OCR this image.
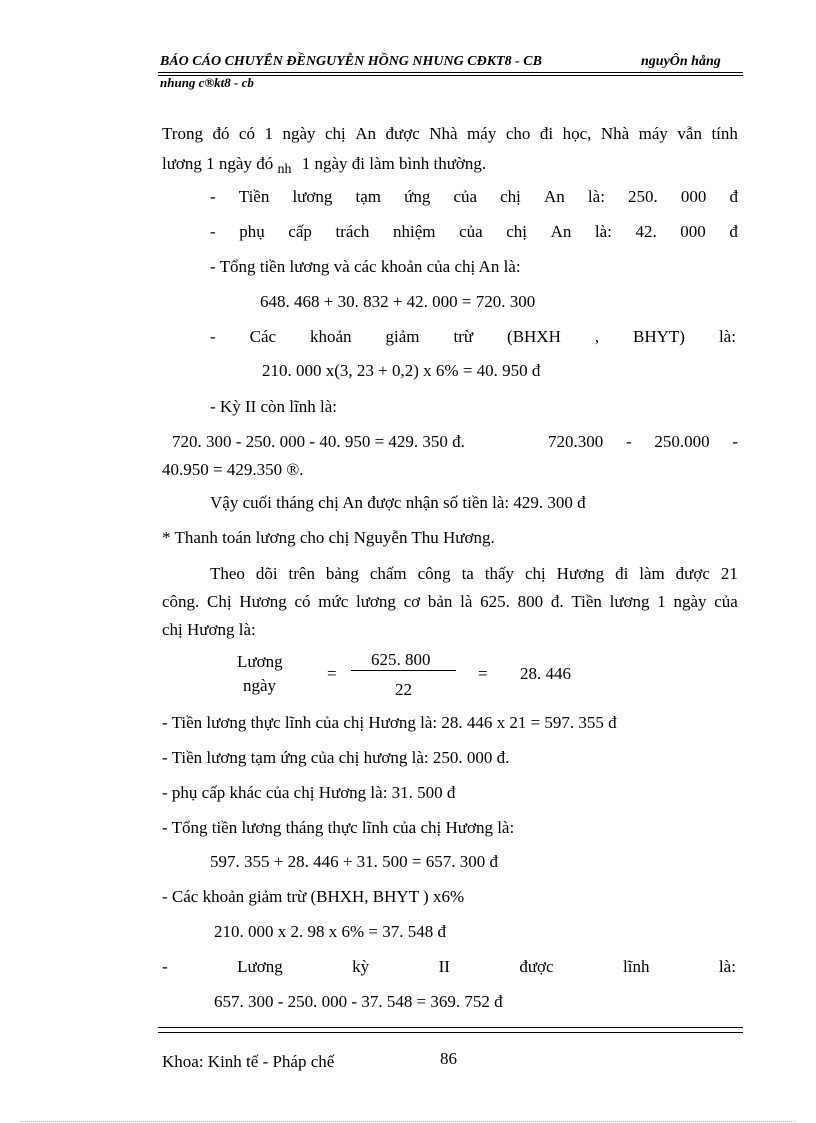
BÁO CÁO CHUYÊN ĐỀNGUYỄN HỒNG NHUNG CĐKT8 - CB	nguyÔn hång
nhung c®kt8 - cb
Trong đó có 1 ngày chị An được Nhà máy cho đi học, Nhà máy vẫn tính
lương 1 ngày đó $_{nh}$ 1 ngày đi làm bình thường.
- Tiền lương tạm ứng của chị An là: 250. 000 đ
- phụ cấp trách nhiệm của chị An là: 42. 000 đ
- Tổng tiền lương và các khoản của chị An là:
648. 468 + 30. 832 + 42. 000 = 720. 300
- Các khoản giảm trừ (BHXH , BHYT) là:
210. 000 x(3, 23 + 0,2) x 6% = 40. 950 đ
- Kỳ II còn lĩnh là:
720. 300 - 250. 000 - 40. 950 = 429. 350 đ.	720.300 - 250.000 -
40.950 = 429.350 ®.
Vậy cuối tháng chị An được nhận số tiền là: 429. 300 đ
* Thanh toán lương cho chị Nguyễn Thu Hương.
Theo dõi trên bảng chấm công ta thấy chị Hương đi làm được 21
công. Chị Hương có mức lương cơ bản là 625. 800 đ. Tiền lương 1 ngày của
chị Hương là:
Lương
ngày
=
625. 800
22
= 28. 446
- Tiền lương thực lĩnh của chị Hương là: 28. 446 x 21 = 597. 355 đ
- Tiền lương tạm ứng của chị hương là: 250. 000 đ.
- phụ cấp khác của chị Hương là: 31. 500 đ
- Tổng tiền lương tháng thực lĩnh của chị Hương là:
597. 355 + 28. 446 + 31. 500 = 657. 300 đ
- Các khoản giảm trừ (BHXH, BHYT ) x6%
210. 000 x 2. 98 x 6% = 37. 548 đ
-	Lương	kỳ	II	được	lĩnh	là:
657. 300 - 250. 000 - 37. 548 = 369. 752 đ
Khoa: Kinh tế - Pháp chế	86
